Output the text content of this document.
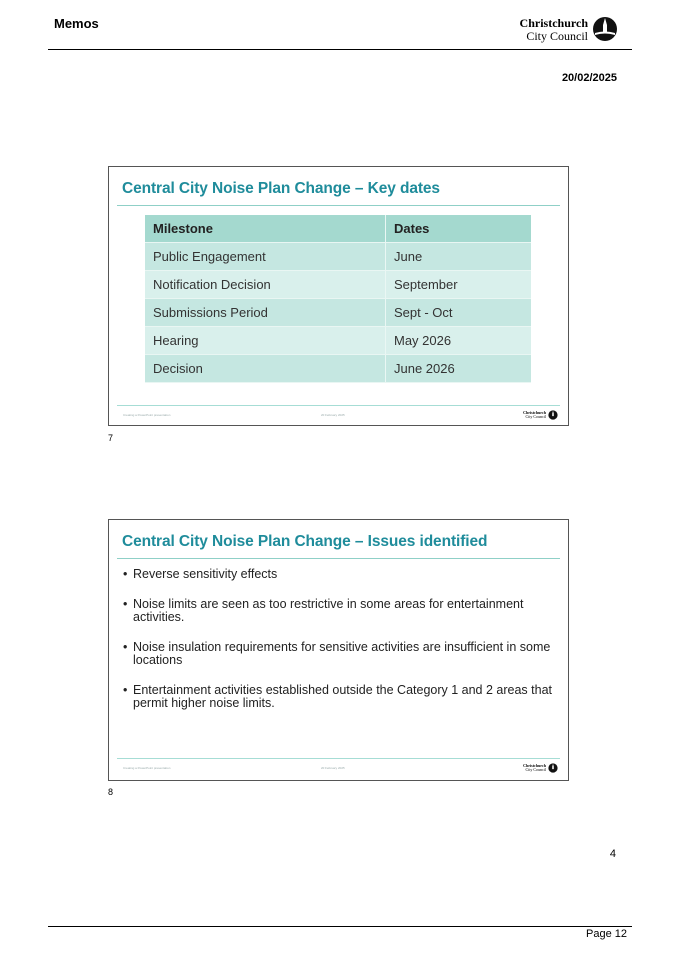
Memos	Christchurch
City Council
20/02/2025
Central City Noise Plan Change – Key dates
Milestone	Dates
Public Engagement	June
Notification Decision	September
Submissions Period	Sept - Oct
Hearing	May 2026
Decision	June 2026
Creating a PowerPoint presentation	20 February 2025	Christchurch
City Council
7
Central City Noise Plan Change – Issues identified
• Reverse sensitivity effects
• Noise limits are seen as too restrictive in some areas for entertainment activities.
• Noise insulation requirements for sensitive activities are insufficient in some locations
• Entertainment activities established outside the Category 1 and 2 areas that permit higher noise limits.
Creating a PowerPoint presentation	20 February 2025	Christchurch
City Council
8
4
Page 12
